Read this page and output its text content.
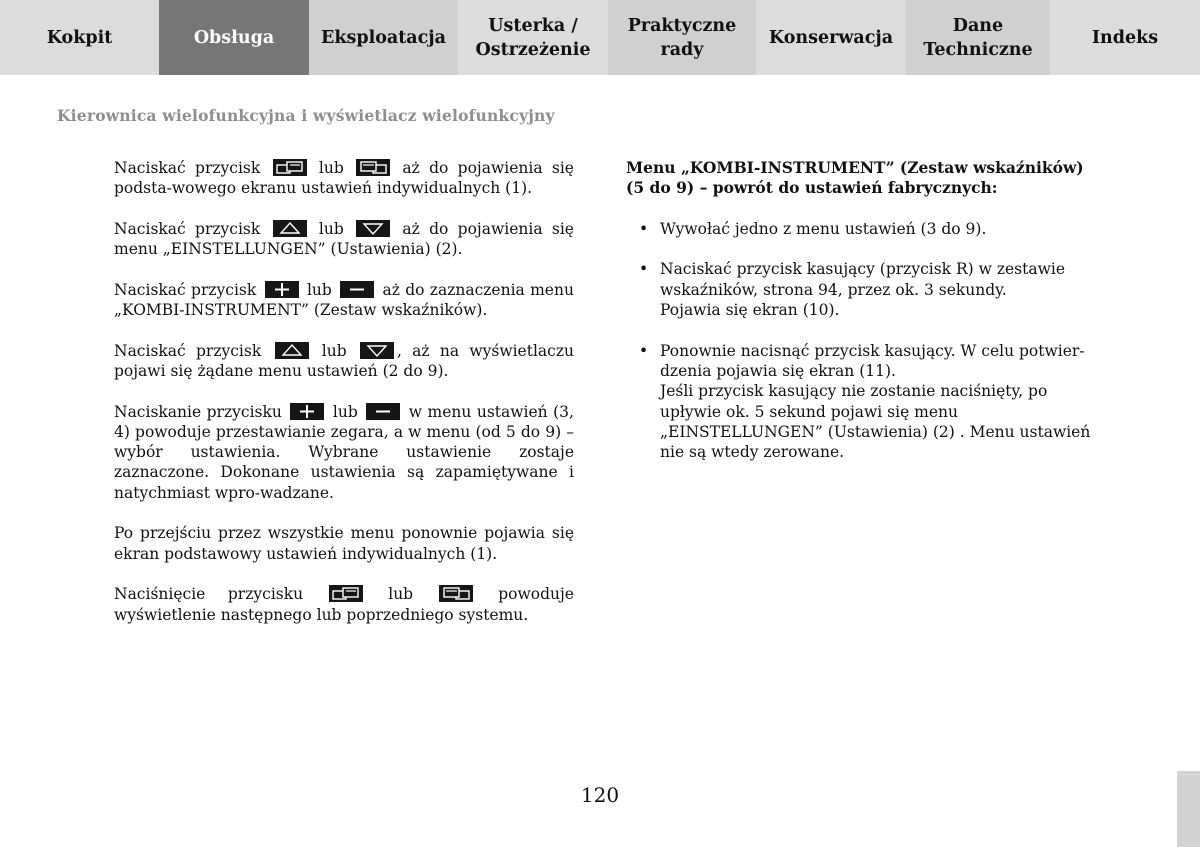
Kokpit	Obsługa	Eksploatacja
Usterka /
Ostrzeżenie
Praktyczne
rady
Konserwacja
Dane
Techniczne
Indeks
Kierownica wielofunkcyjna i wyświetlacz wielofunkcyjny

Naciskać przycisk	lub	aż do pojawienia się podsta-wowego ekranu ustawień indywidualnych (1).

Naciskać przycisk	lub	aż do pojawienia się menu „EINSTELLUNGEN” (Ustawienia) (2).

Naciskać przycisk	lub	aż do zaznaczenia menu „KOMBI-INSTRUMENT” (Zestaw wskaźników).

Naciskać przycisk	lub	, aż na wyświetlaczu pojawi się żądane menu ustawień (2 do 9).

Naciskanie przycisku	lub	w menu ustawień (3, 4) powoduje przestawianie zegara, a w menu (od 5 do 9) – wybór ustawienia. Wybrane ustawienie zostaje zaznaczone. Dokonane ustawienia są zapamiętywane i natychmiast wpro-wadzane.

Po przejściu przez wszystkie menu ponownie pojawia się ekran podstawowy ustawień indywidualnych (1).

Naciśnięcie przycisku	lub	powoduje wyświetlenie następnego lub poprzedniego systemu.

Menu „KOMBI-INSTRUMENT” (Zestaw wskaźników) (5 do 9) – powrót do ustawień fabrycznych:

• Wywołać jedno z menu ustawień (3 do 9).
• Naciskać przycisk kasujący (przycisk R) w zestawie wskaźników, strona 94, przez ok. 3 sekundy.
Pojawia się ekran (10).
• Ponownie nacisnąć przycisk kasujący. W celu potwier-dzenia pojawia się ekran (11).
Jeśli przycisk kasujący nie zostanie naciśnięty, po upływie ok. 5 sekund pojawi się menu „EINSTELLUNGEN” (Ustawienia) (2) . Menu ustawień nie są wtedy zerowane.
120
